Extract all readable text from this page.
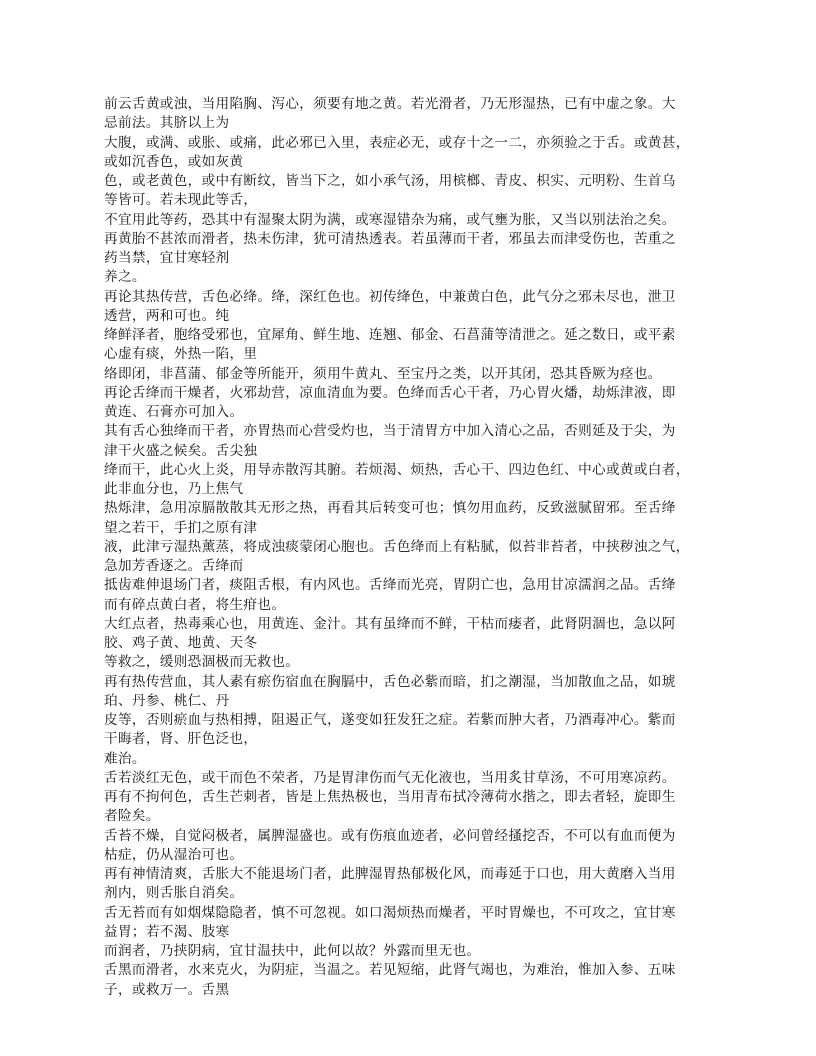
前云舌黄或浊，当用陷胸、泻心，须要有地之黄。若光滑者，乃无形湿热，已有中虚之象。大
忌前法。其脐以上为
大腹，或满、或胀、或痛，此必邪已入里，表症必无，或存十之一二，亦须验之于舌。或黄甚，
或如沉香色，或如灰黄
色，或老黄色，或中有断纹，皆当下之，如小承气汤，用槟榔、青皮、枳实、元明粉、生首乌
等皆可。若未现此等舌，
不宜用此等药，恐其中有湿聚太阴为满，或寒湿错杂为痛，或气壅为胀，又当以别法治之矣。
再黄胎不甚浓而滑者，热未伤津，犹可清热透表。若虽薄而干者，邪虽去而津受伤也，苦重之
药当禁，宜甘寒轻剂
养之。
再论其热传营，舌色必绛。绛，深红色也。初传绛色，中兼黄白色，此气分之邪未尽也，泄卫
透营，两和可也。纯
绛鲜泽者，胞络受邪也，宜犀角、鲜生地、连翘、郁金、石菖蒲等清泄之。延之数日，或平素
心虚有痰，外热一陷，里
络即闭，非菖蒲、郁金等所能开，须用牛黄丸、至宝丹之类，以开其闭，恐其昏厥为痉也。
再论舌绛而干燥者，火邪劫营，凉血清血为要。色绛而舌心干者，乃心胃火燔，劫烁津液，即
黄连、石膏亦可加入。
其有舌心独绛而干者，亦胃热而心营受灼也，当于清胃方中加入清心之品，否则延及于尖，为
津干火盛之候矣。舌尖独
绛而干，此心火上炎，用导赤散泻其腑。若烦渴、烦热，舌心干、四边色红、中心或黄或白者，
此非血分也，乃上焦气
热烁津，急用凉膈散散其无形之热，再看其后转变可也；慎勿用血药，反致滋腻留邪。至舌绛
望之若干，手扪之原有津
液，此津亏湿热薰蒸，将成浊痰蒙闭心胞也。舌色绛而上有粘腻，似苔非苔者，中挟秽浊之气，
急加芳香逐之。舌绛而
抵齿难伸退场门者，痰阻舌根，有内风也。舌绛而光亮，胃阴亡也，急用甘凉濡润之品。舌绛
而有碎点黄白者，将生疳也。
大红点者，热毒乘心也，用黄连、金汁。其有虽绛而不鲜，干枯而痿者，此肾阴涸也，急以阿
胶、鸡子黄、地黄、天冬
等救之，缓则恐涸极而无救也。
再有热传营血，其人素有瘀伤宿血在胸膈中，舌色必紫而暗，扪之潮湿，当加散血之品，如琥
珀、丹参、桃仁、丹
皮等，否则瘀血与热相搏，阻遏正气，遂变如狂发狂之症。若紫而肿大者，乃酒毒冲心。紫而
干晦者，肾、肝色泛也，
难治。
舌若淡红无色，或干而色不荣者，乃是胃津伤而气无化液也，当用炙甘草汤，不可用寒凉药。
再有不拘何色，舌生芒刺者，皆是上焦热极也，当用青布拭冷薄荷水揩之，即去者轻，旋即生
者险矣。
舌苔不燥，自觉闷极者，属脾湿盛也。或有伤痕血迹者，必问曾经搔挖否，不可以有血而便为
枯症，仍从湿治可也。
再有神情清爽，舌胀大不能退场门者，此脾湿胃热郁极化风，而毒延于口也，用大黄磨入当用
剂内，则舌胀自消矣。
舌无苔而有如烟煤隐隐者，慎不可忽视。如口渴烦热而燥者，平时胃燥也，不可攻之，宜甘寒
益胃；若不渴、肢寒
而润者，乃挟阴病，宜甘温扶中，此何以故？外露而里无也。
舌黑而滑者，水来克火，为阴症，当温之。若见短缩，此肾气竭也，为难治，惟加入参、五味
子，或救万一。舌黑
